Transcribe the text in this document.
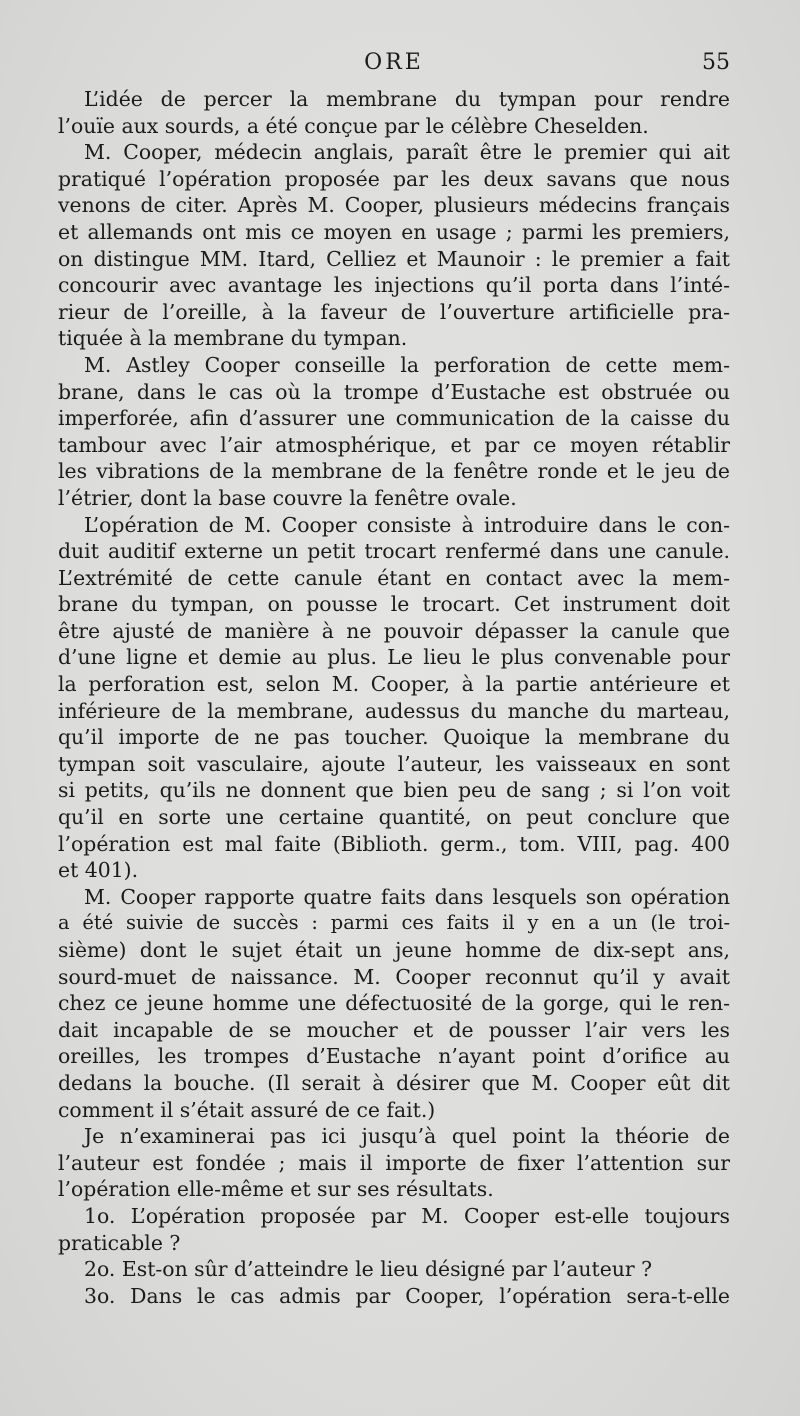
ORE	55
L’idée de percer la membrane du tympan pour rendre
l’ouïe aux sourds, a été conçue par le célèbre Cheselden.
M. Cooper, médecin anglais, paraît être le premier qui ait
pratiqué l’opération proposée par les deux savans que nous
venons de citer. Après M. Cooper, plusieurs médecins français
et allemands ont mis ce moyen en usage ; parmi les premiers,
on distingue MM. Itard, Celliez et Maunoir : le premier a fait
concourir avec avantage les injections qu’il porta dans l’inté-
rieur de l’oreille, à la faveur de l’ouverture artificielle pra-
tiquée à la membrane du tympan.
M. Astley Cooper conseille la perforation de cette mem-
brane, dans le cas où la trompe d’Eustache est obstruée ou
imperforée, afin d’assurer une communication de la caisse du
tambour avec l’air atmosphérique, et par ce moyen rétablir
les vibrations de la membrane de la fenêtre ronde et le jeu de
l’étrier, dont la base couvre la fenêtre ovale.
L’opération de M. Cooper consiste à introduire dans le con-
duit auditif externe un petit trocart renfermé dans une canule.
L’extrémité de cette canule étant en contact avec la mem-
brane du tympan, on pousse le trocart. Cet instrument doit
être ajusté de manière à ne pouvoir dépasser la canule que
d’une ligne et demie au plus. Le lieu le plus convenable pour
la perforation est, selon M. Cooper, à la partie antérieure et
inférieure de la membrane, audessus du manche du marteau,
qu’il importe de ne pas toucher. Quoique la membrane du
tympan soit vasculaire, ajoute l’auteur, les vaisseaux en sont
si petits, qu’ils ne donnent que bien peu de sang ; si l’on voit
qu’il en sorte une certaine quantité, on peut conclure que
l’opération est mal faite (Biblioth. germ., tom. VIII, pag. 400
et 401).
M. Cooper rapporte quatre faits dans lesquels son opération
a été suivie de succès : parmi ces faits il y en a un (le troi-
sième) dont le sujet était un jeune homme de dix-sept ans,
sourd-muet de naissance. M. Cooper reconnut qu’il y avait
chez ce jeune homme une défectuosité de la gorge, qui le ren-
dait incapable de se moucher et de pousser l’air vers les
oreilles, les trompes d’Eustache n’ayant point d’orifice au
dedans la bouche. (Il serait à désirer que M. Cooper eût dit
comment il s’était assuré de ce fait.)
Je n’examinerai pas ici jusqu’à quel point la théorie de
l’auteur est fondée ; mais il importe de fixer l’attention sur
l’opération elle-même et sur ses résultats.
1o. L’opération proposée par M. Cooper est-elle toujours
praticable ?
2o. Est-on sûr d’atteindre le lieu désigné par l’auteur ?
3o. Dans le cas admis par Cooper, l’opération sera-t-elle
